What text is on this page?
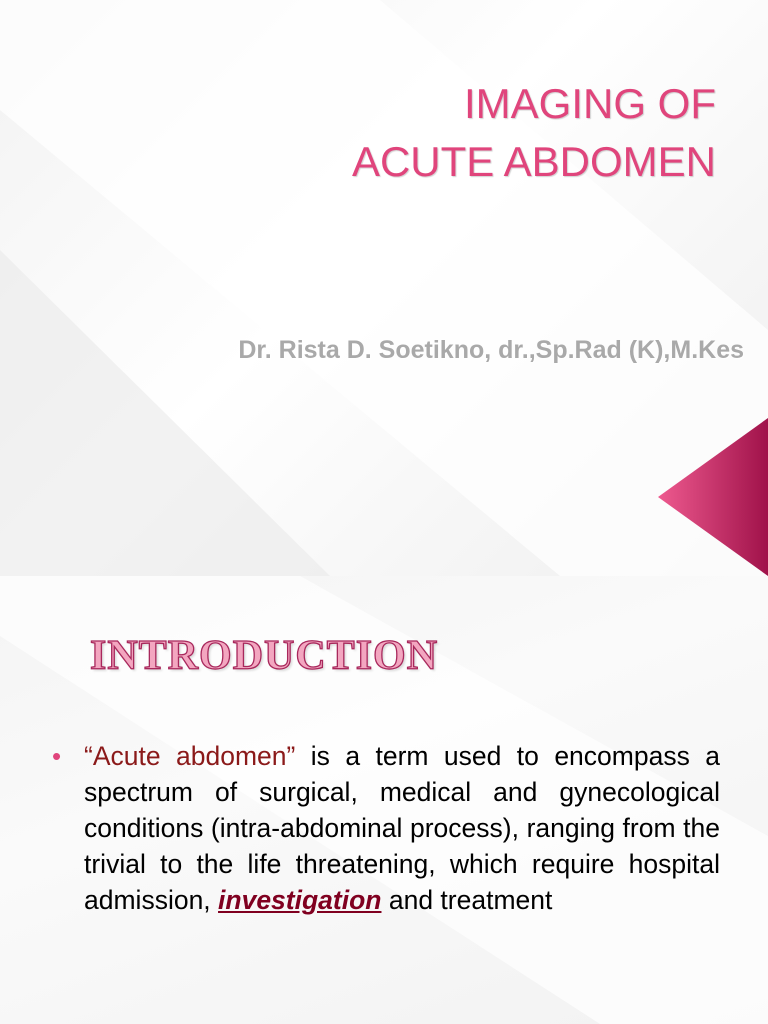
IMAGING OF
ACUTE ABDOMEN

Dr. Rista D. Soetikno, dr.,Sp.Rad (K),M.Kes

INTRODUCTION
• “Acute abdomen” is a term used to encompass a spectrum of surgical, medical and gynecological conditions (intra-abdominal process), ranging from the trivial to the life threatening, which require hospital admission, investigation and treatment
